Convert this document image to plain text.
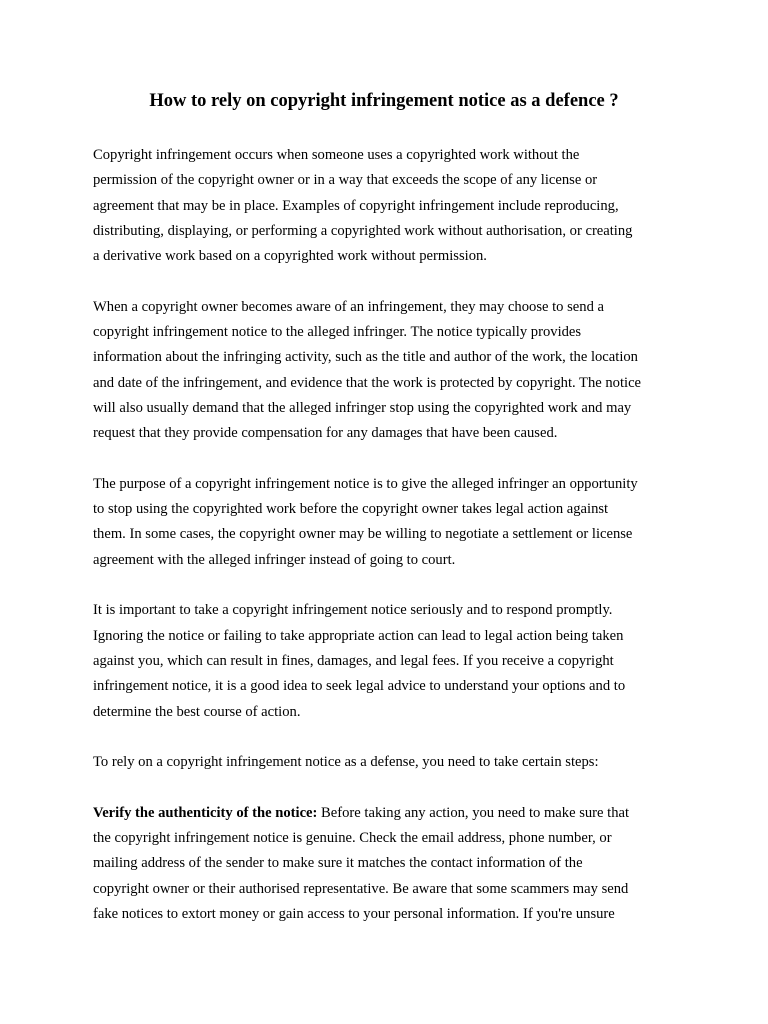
How to rely on copyright infringement notice as a defence ?

Copyright infringement occurs when someone uses a copyrighted work without the
permission of the copyright owner or in a way that exceeds the scope of any license or
agreement that may be in place. Examples of copyright infringement include reproducing,
distributing, displaying, or performing a copyrighted work without authorisation, or creating
a derivative work based on a copyrighted work without permission.

When a copyright owner becomes aware of an infringement, they may choose to send a
copyright infringement notice to the alleged infringer. The notice typically provides
information about the infringing activity, such as the title and author of the work, the location
and date of the infringement, and evidence that the work is protected by copyright. The notice
will also usually demand that the alleged infringer stop using the copyrighted work and may
request that they provide compensation for any damages that have been caused.

The purpose of a copyright infringement notice is to give the alleged infringer an opportunity
to stop using the copyrighted work before the copyright owner takes legal action against
them. In some cases, the copyright owner may be willing to negotiate a settlement or license
agreement with the alleged infringer instead of going to court.

It is important to take a copyright infringement notice seriously and to respond promptly.
Ignoring the notice or failing to take appropriate action can lead to legal action being taken
against you, which can result in fines, damages, and legal fees. If you receive a copyright
infringement notice, it is a good idea to seek legal advice to understand your options and to
determine the best course of action.

To rely on a copyright infringement notice as a defense, you need to take certain steps:

Verify the authenticity of the notice: Before taking any action, you need to make sure that
the copyright infringement notice is genuine. Check the email address, phone number, or
mailing address of the sender to make sure it matches the contact information of the
copyright owner or their authorised representative. Be aware that some scammers may send
fake notices to extort money or gain access to your personal information. If you're unsure
